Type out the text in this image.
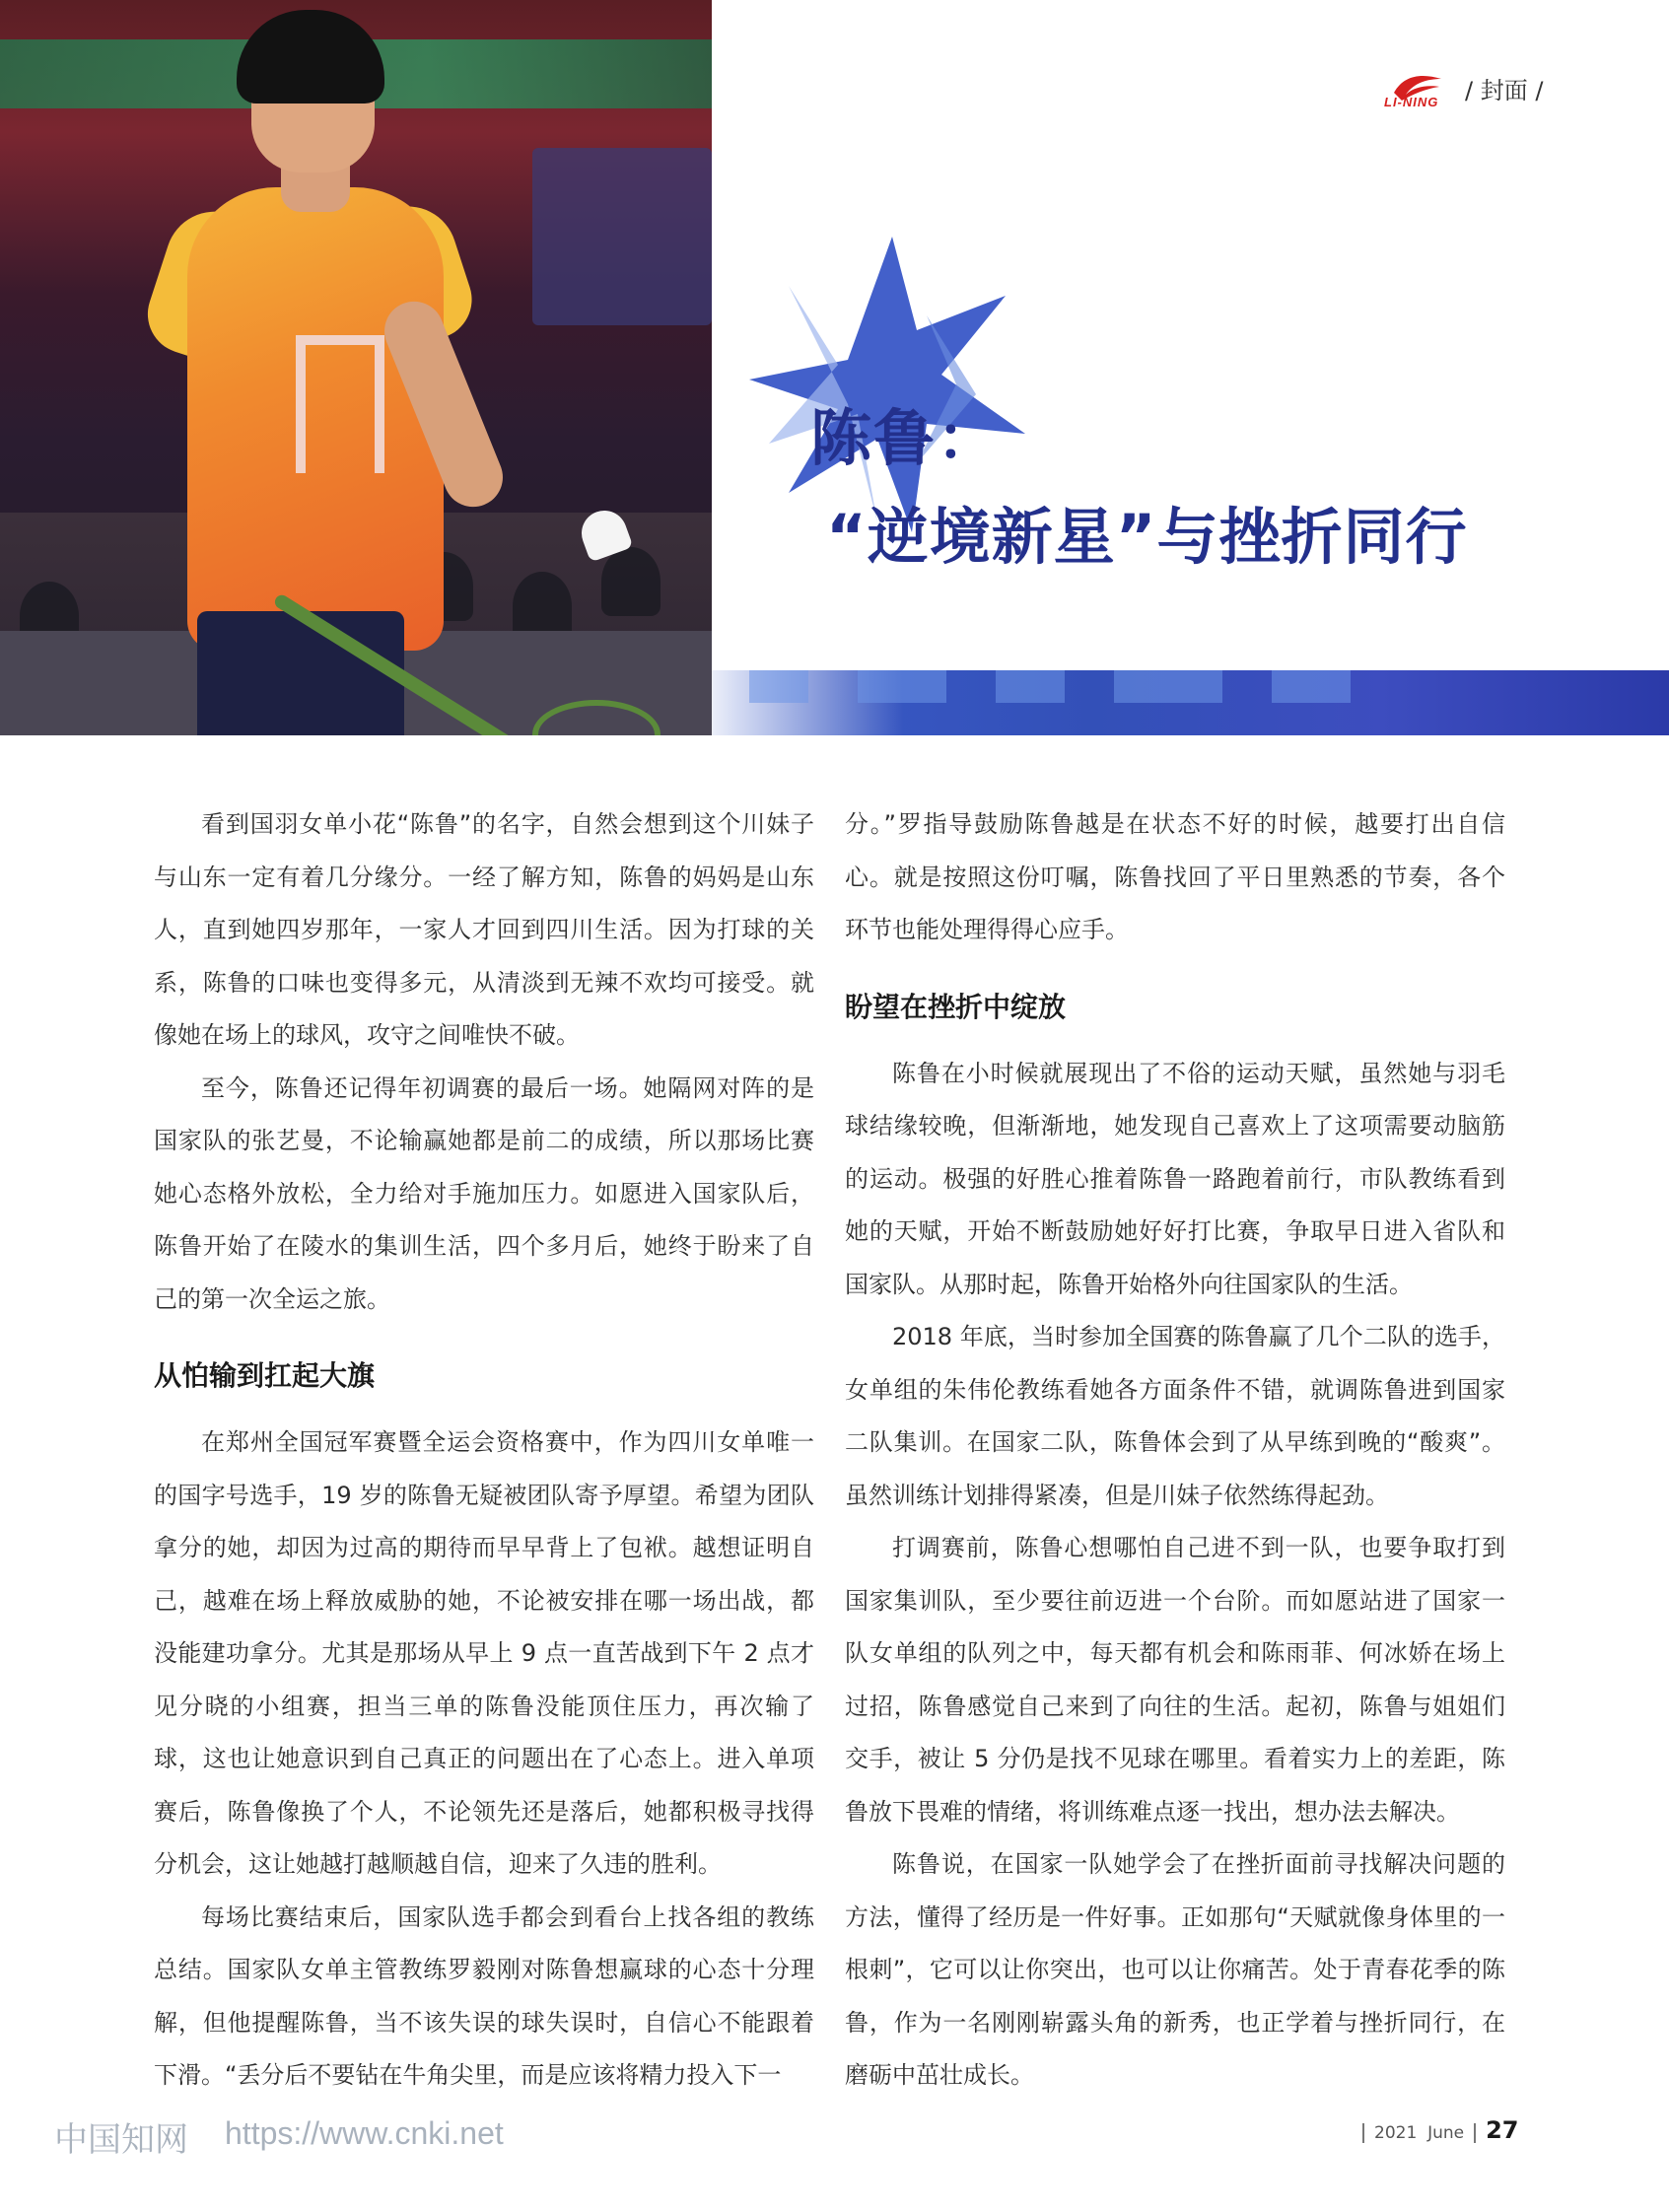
LI-NING / 封面 /
陈鲁：
“逆境新星”与挫折同行

看到国羽女单小花“陈鲁”的名字，自然会想到这个川妹子与山东一定有着几分缘分。一经了解方知，陈鲁的妈妈是山东人，直到她四岁那年，一家人才回到四川生活。因为打球的关系，陈鲁的口味也变得多元，从清淡到无辣不欢均可接受。就像她在场上的球风，攻守之间唯快不破。

至今，陈鲁还记得年初调赛的最后一场。她隔网对阵的是国家队的张艺曼，不论输赢她都是前二的成绩，所以那场比赛她心态格外放松，全力给对手施加压力。如愿进入国家队后，陈鲁开始了在陵水的集训生活，四个多月后，她终于盼来了自己的第一次全运之旅。

从怕输到扛起大旗

在郑州全国冠军赛暨全运会资格赛中，作为四川女单唯一的国字号选手，19 岁的陈鲁无疑被团队寄予厚望。希望为团队拿分的她，却因为过高的期待而早早背上了包袱。越想证明自己，越难在场上释放威胁的她，不论被安排在哪一场出战，都没能建功拿分。尤其是那场从早上 9 点一直苦战到下午 2 点才见分晓的小组赛，担当三单的陈鲁没能顶住压力，再次输了球，这也让她意识到自己真正的问题出在了心态上。进入单项赛后，陈鲁像换了个人，不论领先还是落后，她都积极寻找得分机会，这让她越打越顺越自信，迎来了久违的胜利。

每场比赛结束后，国家队选手都会到看台上找各组的教练总结。国家队女单主管教练罗毅刚对陈鲁想赢球的心态十分理解，但他提醒陈鲁，当不该失误的球失误时，自信心不能跟着下滑。“丢分后不要钻在牛角尖里，而是应该将精力投入下一

分。”罗指导鼓励陈鲁越是在状态不好的时候，越要打出自信心。就是按照这份叮嘱，陈鲁找回了平日里熟悉的节奏，各个环节也能处理得得心应手。

盼望在挫折中绽放

陈鲁在小时候就展现出了不俗的运动天赋，虽然她与羽毛球结缘较晚，但渐渐地，她发现自己喜欢上了这项需要动脑筋的运动。极强的好胜心推着陈鲁一路跑着前行，市队教练看到她的天赋，开始不断鼓励她好好打比赛，争取早日进入省队和国家队。从那时起，陈鲁开始格外向往国家队的生活。

2018 年底，当时参加全国赛的陈鲁赢了几个二队的选手，女单组的朱伟伦教练看她各方面条件不错，就调陈鲁进到国家二队集训。在国家二队，陈鲁体会到了从早练到晚的“酸爽”。虽然训练计划排得紧凑，但是川妹子依然练得起劲。

打调赛前，陈鲁心想哪怕自己进不到一队，也要争取打到国家集训队，至少要往前迈进一个台阶。而如愿站进了国家一队女单组的队列之中，每天都有机会和陈雨菲、何冰娇在场上过招，陈鲁感觉自己来到了向往的生活。起初，陈鲁与姐姐们交手，被让 5 分仍是找不见球在哪里。看着实力上的差距，陈鲁放下畏难的情绪，将训练难点逐一找出，想办法去解决。

陈鲁说，在国家一队她学会了在挫折面前寻找解决问题的方法，懂得了经历是一件好事。正如那句“天赋就像身体里的一根刺”，它可以让你突出，也可以让你痛苦。处于青春花季的陈鲁，作为一名刚刚崭露头角的新秀，也正学着与挫折同行，在磨砺中茁壮成长。

2021 June 27
中国知网 https://www.cnki.net
